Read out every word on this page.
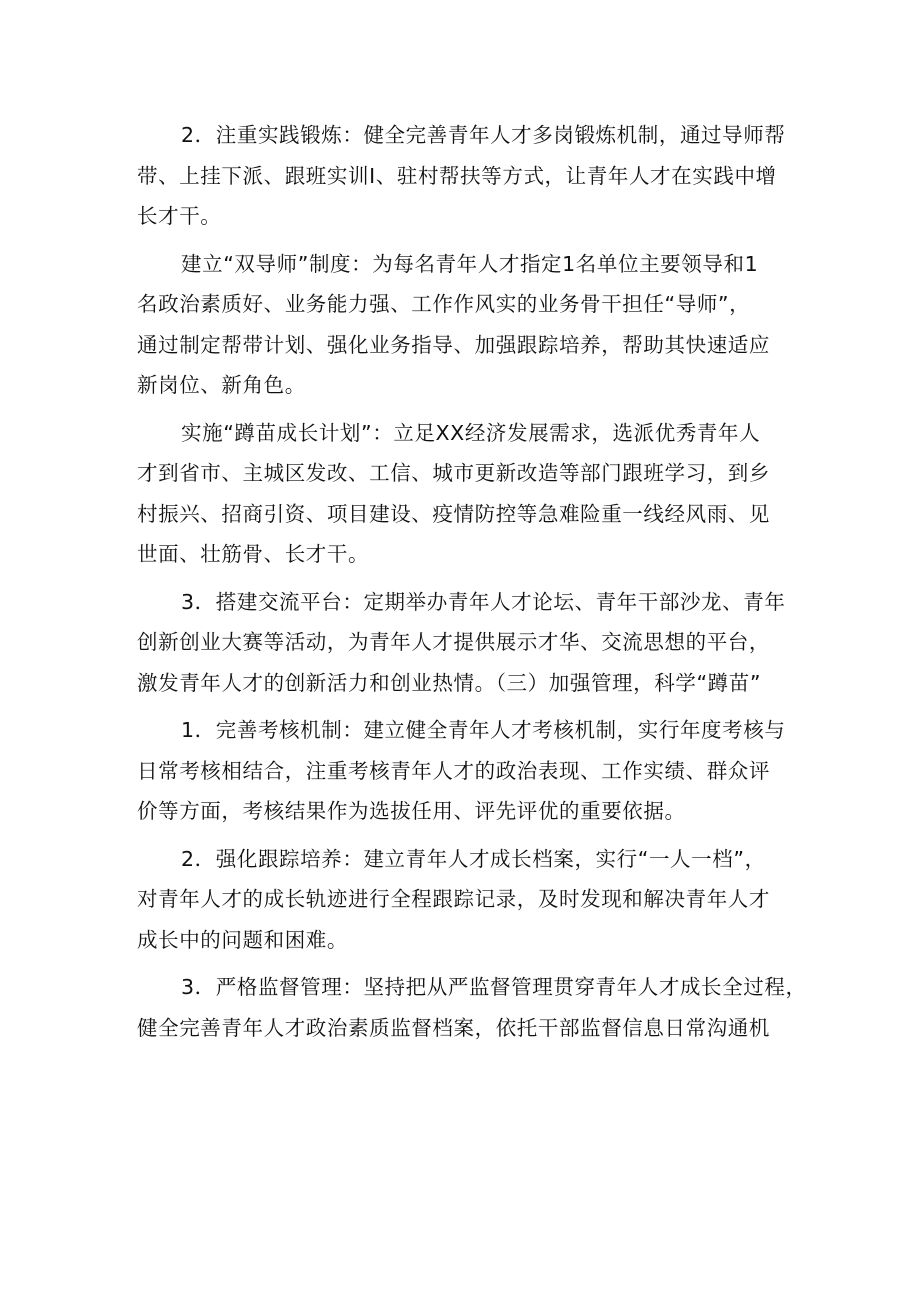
2．注重实践锻炼：健全完善青年人才多岗锻炼机制，通过导师帮
带、上挂下派、跟班实训I、驻村帮扶等方式，让青年人才在实践中增
长才干。

建立“双导师”制度：为每名青年人才指定1名单位主要领导和1
名政治素质好、业务能力强、工作作风实的业务骨干担任“导师”，
通过制定帮带计划、强化业务指导、加强跟踪培养，帮助其快速适应
新岗位、新角色。

实施“蹲苗成长计划”：立足XX经济发展需求，选派优秀青年人
才到省市、主城区发改、工信、城市更新改造等部门跟班学习，到乡
村振兴、招商引资、项目建设、疫情防控等急难险重一线经风雨、见
世面、壮筋骨、长才干。

3．搭建交流平台：定期举办青年人才论坛、青年干部沙龙、青年
创新创业大赛等活动，为青年人才提供展示才华、交流思想的平台，
激发青年人才的创新活力和创业热情。（三）加强管理，科学“蹲苗”

1．完善考核机制：建立健全青年人才考核机制，实行年度考核与
日常考核相结合，注重考核青年人才的政治表现、工作实绩、群众评
价等方面，考核结果作为选拔任用、评先评优的重要依据。

2．强化跟踪培养：建立青年人才成长档案，实行“一人一档”，
对青年人才的成长轨迹进行全程跟踪记录，及时发现和解决青年人才
成长中的问题和困难。

3．严格监督管理：坚持把从严监督管理贯穿青年人才成长全过程，
健全完善青年人才政治素质监督档案，依托干部监督信息日常沟通机
